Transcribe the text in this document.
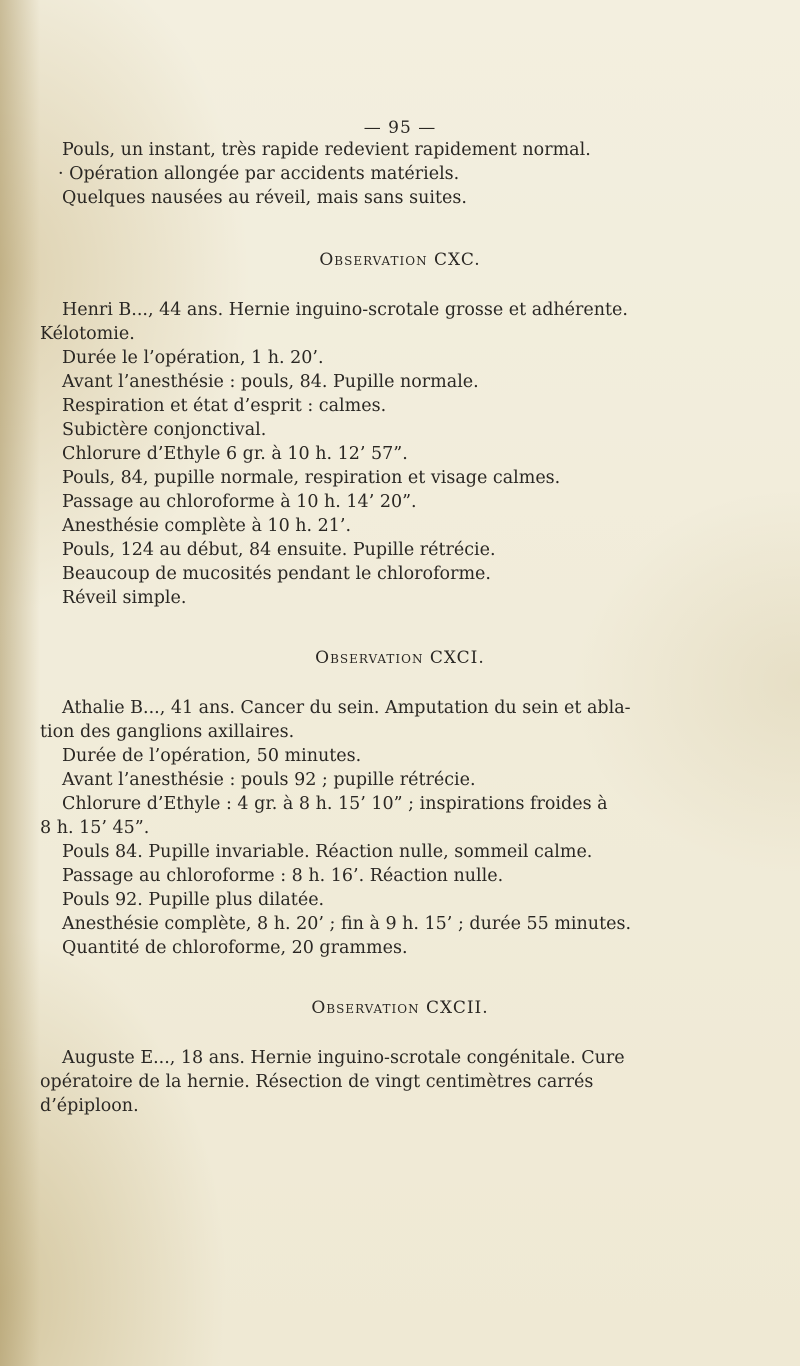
— 95 —
Pouls, un instant, très rapide redevient rapidement normal.
· Opération allongée par accidents matériels.
Quelques nausées au réveil, mais sans suites.
Observation CXC.
Henri B..., 44 ans. Hernie inguino-scrotale grosse et adhérente.
Kélotomie.
Durée le l’opération, 1 h. 20’.
Avant l’anesthésie : pouls, 84. Pupille normale.
Respiration et état d’esprit : calmes.
Subictère conjonctival.
Chlorure d’Ethyle 6 gr. à 10 h. 12’ 57”.
Pouls, 84, pupille normale, respiration et visage calmes.
Passage au chloroforme à 10 h. 14’ 20”.
Anesthésie complète à 10 h. 21’.
Pouls, 124 au début, 84 ensuite. Pupille rétrécie.
Beaucoup de mucosités pendant le chloroforme.
Réveil simple.
Observation CXCI.
Athalie B..., 41 ans. Cancer du sein. Amputation du sein et abla-
tion des ganglions axillaires.
Durée de l’opération, 50 minutes.
Avant l’anesthésie : pouls 92 ; pupille rétrécie.
Chlorure d’Ethyle : 4 gr. à 8 h. 15’ 10” ; inspirations froides à
8 h. 15’ 45”.
Pouls 84. Pupille invariable. Réaction nulle, sommeil calme.
Passage au chloroforme : 8 h. 16’. Réaction nulle.
Pouls 92. Pupille plus dilatée.
Anesthésie complète, 8 h. 20’ ; fin à 9 h. 15’ ; durée 55 minutes.
Quantité de chloroforme, 20 grammes.
Observation CXCII.
Auguste E..., 18 ans. Hernie inguino-scrotale congénitale. Cure
opératoire de la hernie. Résection de vingt centimètres carrés
d’épiploon.
